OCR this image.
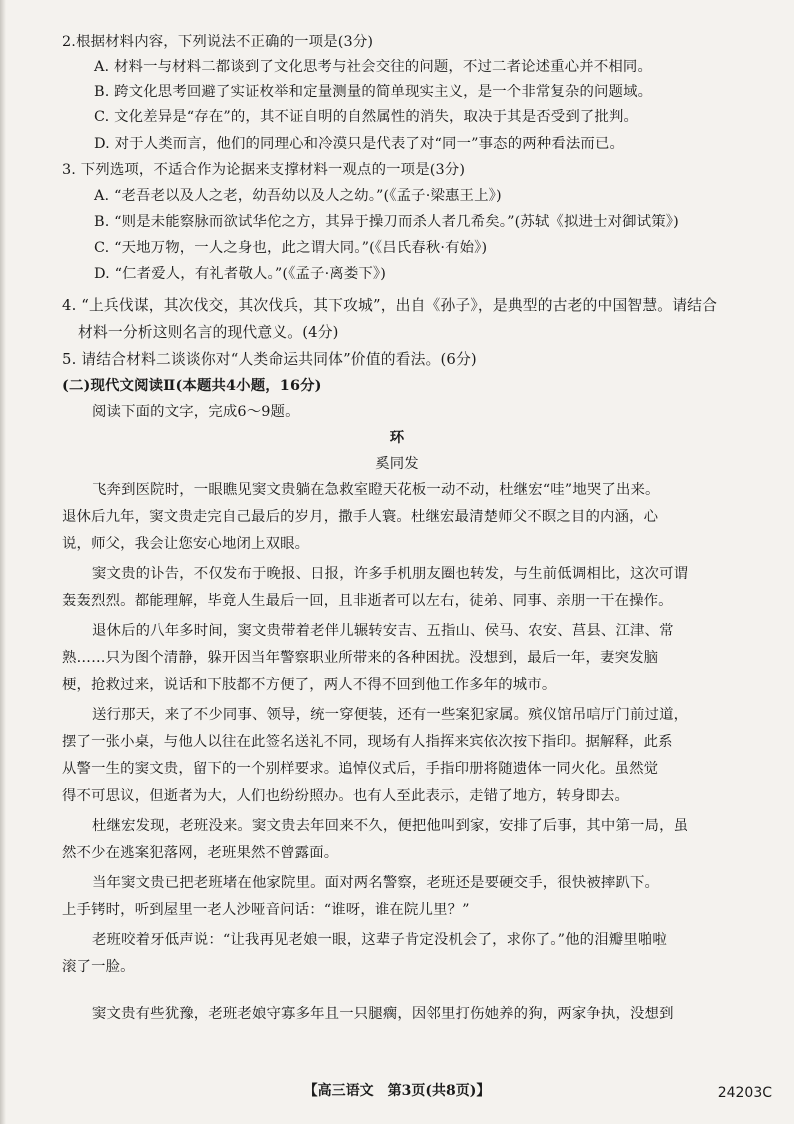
2.根据材料内容，下列说法不正确的一项是(3分)
A. 材料一与材料二都谈到了文化思考与社会交往的问题，不过二者论述重心并不相同。
B. 跨文化思考回避了实证枚举和定量测量的简单现实主义，是一个非常复杂的问题域。
C. 文化差异是“存在”的，其不证自明的自然属性的消失，取决于其是否受到了批判。
D. 对于人类而言，他们的同理心和冷漠只是代表了对“同一”事态的两种看法而已。
3. 下列选项，不适合作为论据来支撑材料一观点的一项是(3分)
A. “老吾老以及人之老，幼吾幼以及人之幼。”(《孟子·梁惠王上》)
B. “则是未能察脉而欲试华佗之方，其异于操刀而杀人者几希矣。”(苏轼《拟进士对御试策》)
C. “天地万物，一人之身也，此之谓大同。”(《吕氏春秋·有始》)
D. “仁者爱人，有礼者敬人。”(《孟子·离娄下》)
4. “上兵伐谋，其次伐交，其次伐兵，其下攻城”，出自《孙子》，是典型的古老的中国智慧。请结合
材料一分析这则名言的现代意义。(4分)
5. 请结合材料二谈谈你对“人类命运共同体”价值的看法。(6分)
(二)现代文阅读Ⅱ(本题共4小题，16分)
阅读下面的文字，完成6～9题。
环
奚同发
飞奔到医院时，一眼瞧见窦文贵躺在急救室瞪天花板一动不动，杜继宏“哇”地哭了出来。
退休后九年，窦文贵走完自己最后的岁月，撒手人寰。杜继宏最清楚师父不瞑之目的内涵，心
说，师父，我会让您安心地闭上双眼。
窦文贵的讣告，不仅发布于晚报、日报，许多手机朋友圈也转发，与生前低调相比，这次可谓
轰轰烈烈。都能理解，毕竟人生最后一回，且非逝者可以左右，徒弟、同事、亲朋一干在操作。
退休后的八年多时间，窦文贵带着老伴儿辗转安吉、五指山、侯马、农安、莒县、江津、常
熟……只为图个清静，躲开因当年警察职业所带来的各种困扰。没想到，最后一年，妻突发脑
梗，抢救过来，说话和下肢都不方便了，两人不得不回到他工作多年的城市。
送行那天，来了不少同事、领导，统一穿便装，还有一些案犯家属。殡仪馆吊唁厅门前过道，
摆了一张小桌，与他人以往在此签名送礼不同，现场有人指挥来宾依次按下指印。据解释，此系
从警一生的窦文贵，留下的一个别样要求。追悼仪式后，手指印册将随遗体一同火化。虽然觉
得不可思议，但逝者为大，人们也纷纷照办。也有人至此表示，走错了地方，转身即去。
杜继宏发现，老班没来。窦文贵去年回来不久，便把他叫到家，安排了后事，其中第一局，虽
然不少在逃案犯落网，老班果然不曾露面。
当年窦文贵已把老班堵在他家院里。面对两名警察，老班还是要硬交手，很快被摔趴下。
上手铐时，听到屋里一老人沙哑音问话：“谁呀，谁在院儿里？”
老班咬着牙低声说：“让我再见老娘一眼，这辈子肯定没机会了，求你了。”他的泪瓣里啪啦
滚了一脸。
窦文贵有些犹豫，老班老娘守寡多年且一只腿瘸，因邻里打伤她养的狗，两家争执，没想到
【高三语文　第3页(共8页)】	24203C
